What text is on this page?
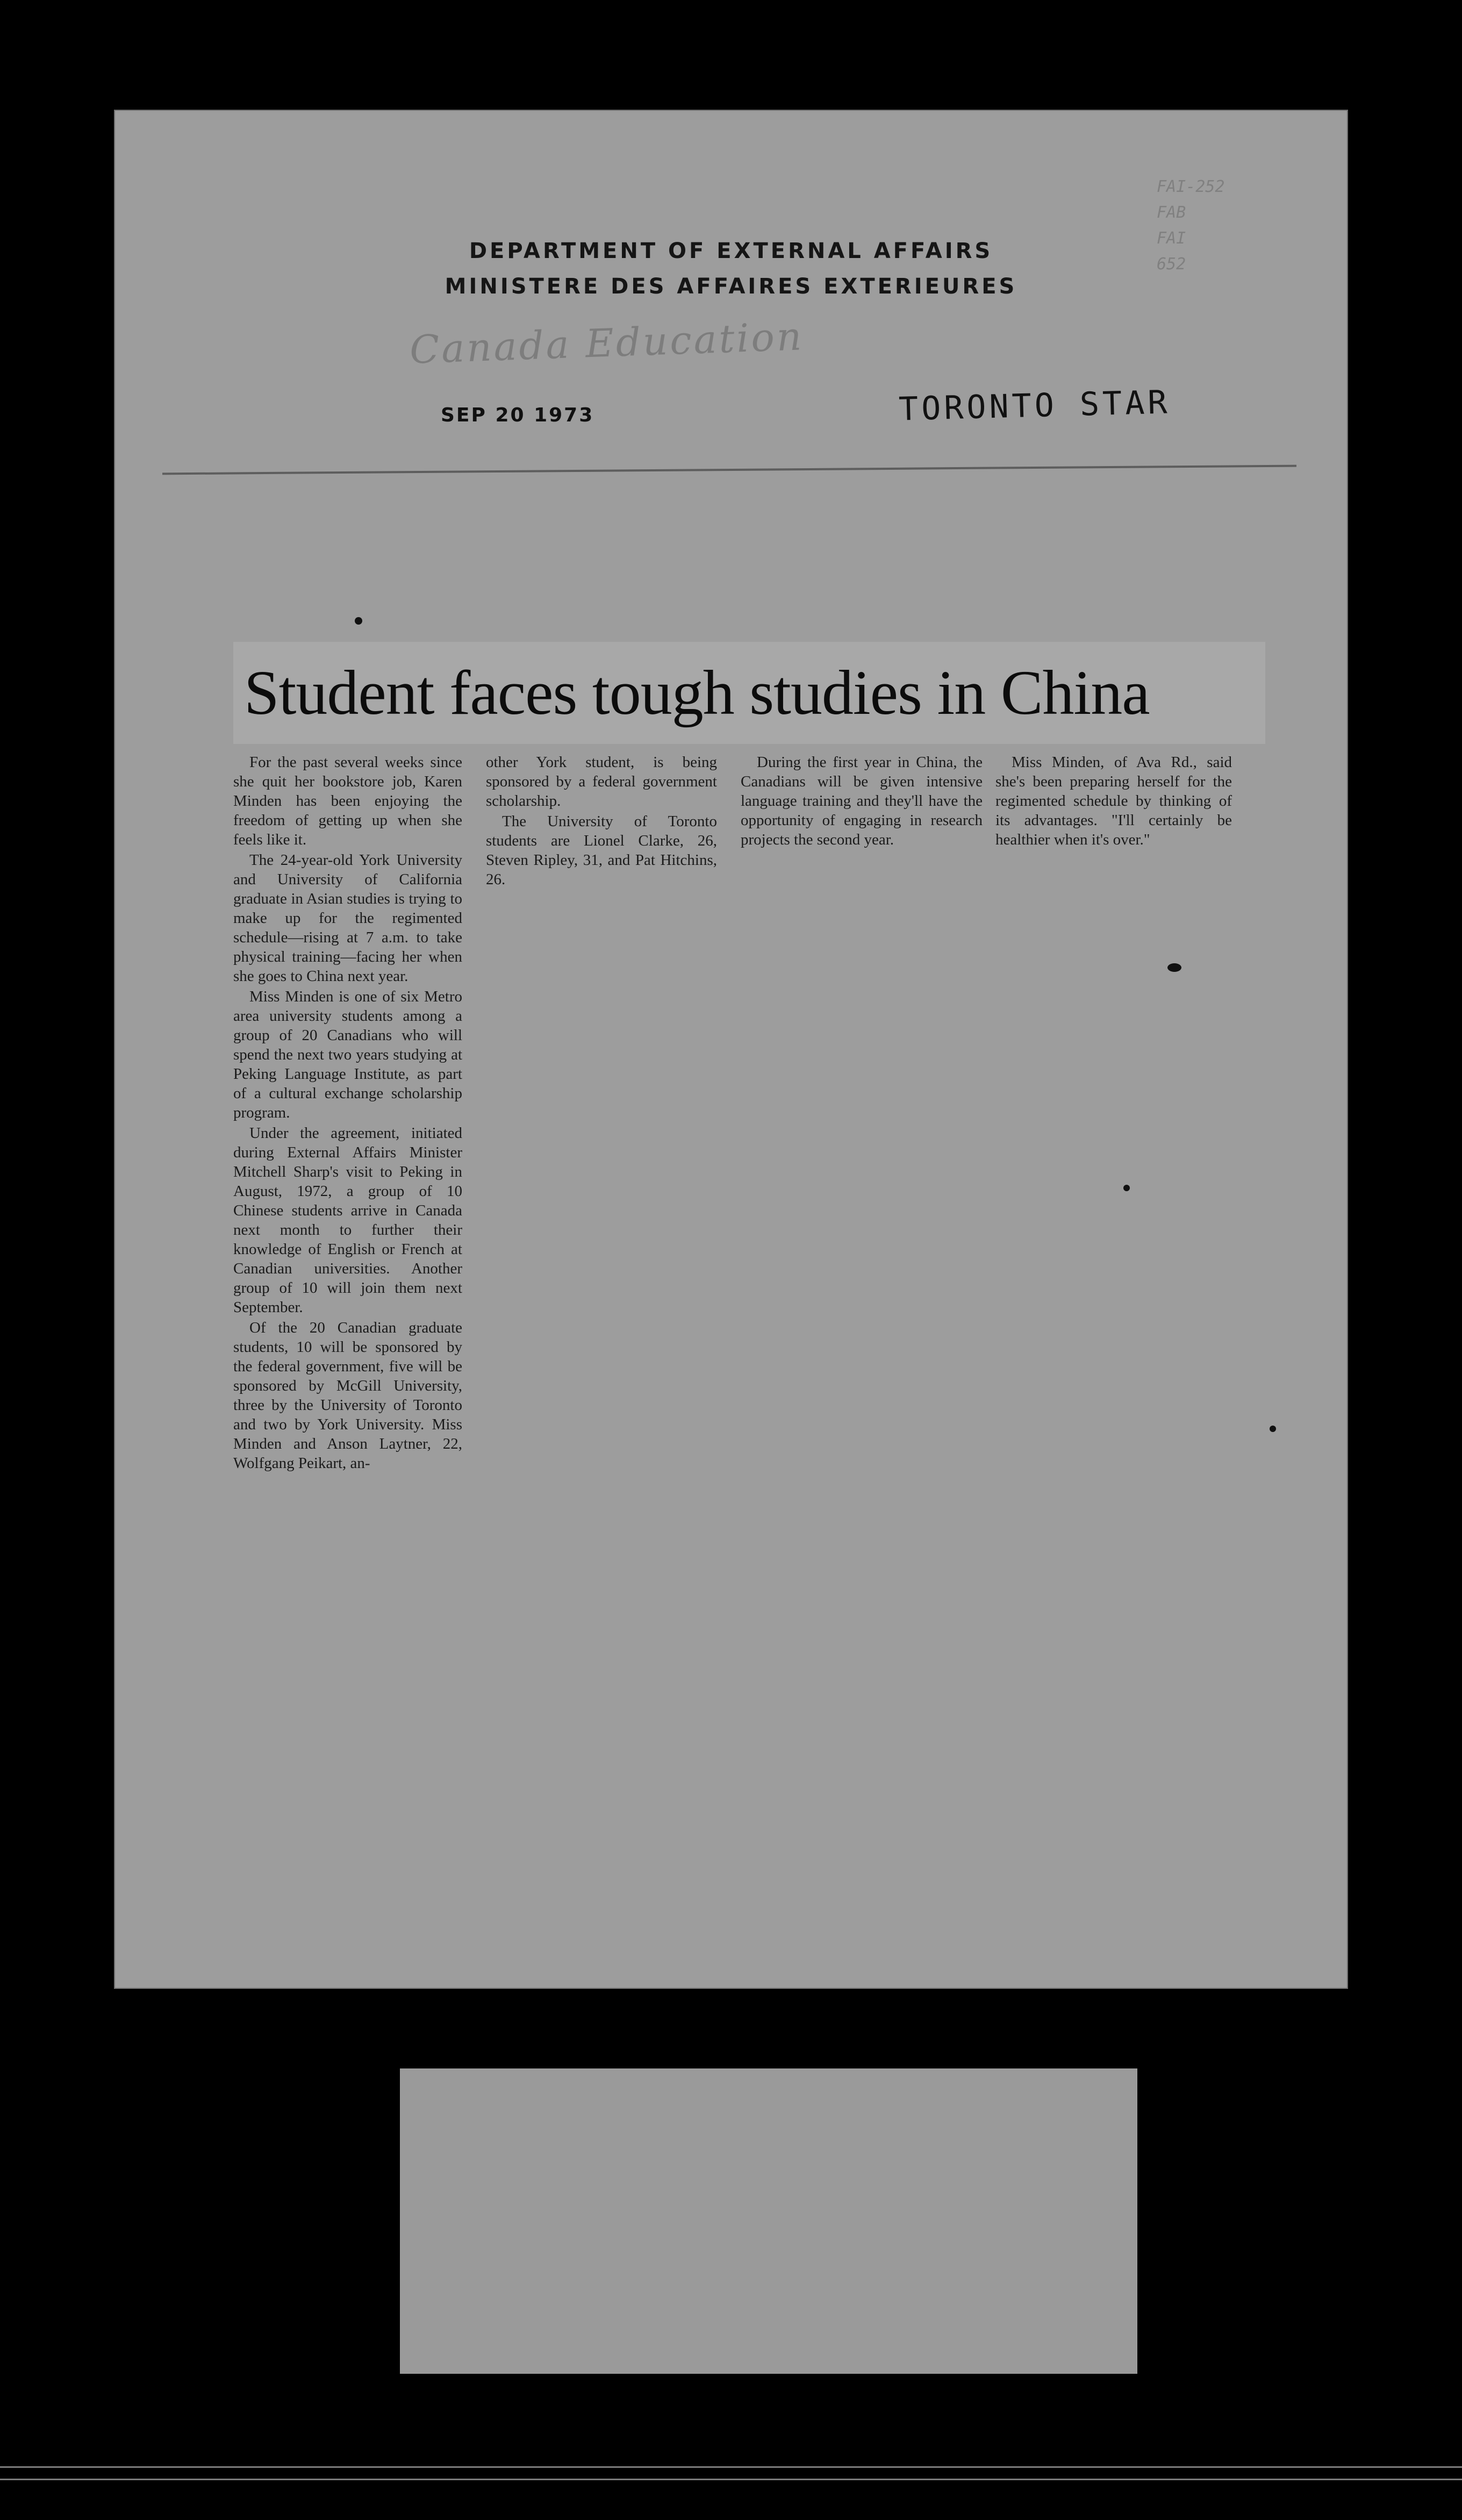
DEPARTMENT OF EXTERNAL AFFAIRS
MINISTERE DES AFFAIRES EXTERIEURES
Canada Education
FAI-252
FAB
FAI
652
SEP 20 1973	TORONTO STAR
Student faces tough studies in China

For the past several weeks since she quit her bookstore job, Karen Minden has been enjoying the freedom of getting up when she feels like it.

The 24-year-old York University and University of California graduate in Asian studies is trying to make up for the regimented schedule—rising at 7 a.m. to take physical training—facing her when she goes to China next year.

Miss Minden is one of six Metro area university students among a group of 20 Canadians who will spend the next two years studying at Peking Language Institute, as part of a cultural exchange scholarship program.

Under the agreement, initiated during External Affairs Minister Mitchell Sharp's visit to Peking in August, 1972, a group of 10 Chinese students arrive in Canada next month to further their knowledge of English or French at Canadian universities. Another group of 10 will join them next September.

Of the 20 Canadian graduate students, 10 will be sponsored by the federal government, five will be sponsored by McGill University, three by the University of Toronto and two by York University. Miss Minden and Anson Laytner, 22, Wolfgang Peikart, an-

other York student, is being sponsored by a federal government scholarship.

The University of Toronto students are Lionel Clarke, 26, Steven Ripley, 31, and Pat Hitchins, 26.

During the first year in China, the Canadians will be given intensive language training and they'll have the opportunity of engaging in research projects the second year.

Miss Minden, of Ava Rd., said she's been preparing herself for the regimented schedule by thinking of its advantages. "I'll certainly be healthier when it's over."
